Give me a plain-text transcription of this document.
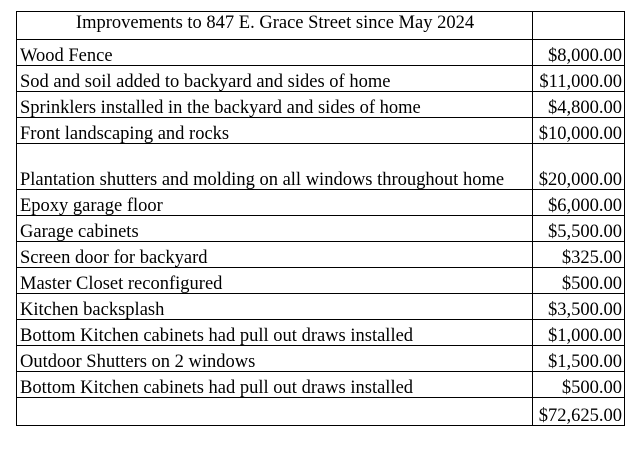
Improvements to 847 E. Grace Street since May 2024	
Wood Fence	$8,000.00
Sod and soil added to backyard and sides of home	$11,000.00
Sprinklers installed in the backyard and sides of home	$4,800.00
Front landscaping and rocks	$10,000.00
Plantation shutters and molding on all windows throughout home	$20,000.00
Epoxy garage floor	$6,000.00
Garage cabinets	$5,500.00
Screen door for backyard	$325.00
Master Closet reconfigured	$500.00
Kitchen backsplash	$3,500.00
Bottom Kitchen cabinets had pull out draws installed	$1,000.00
Outdoor Shutters on 2 windows	$1,500.00
Bottom Kitchen cabinets had pull out draws installed	$500.00
	$72,625.00
